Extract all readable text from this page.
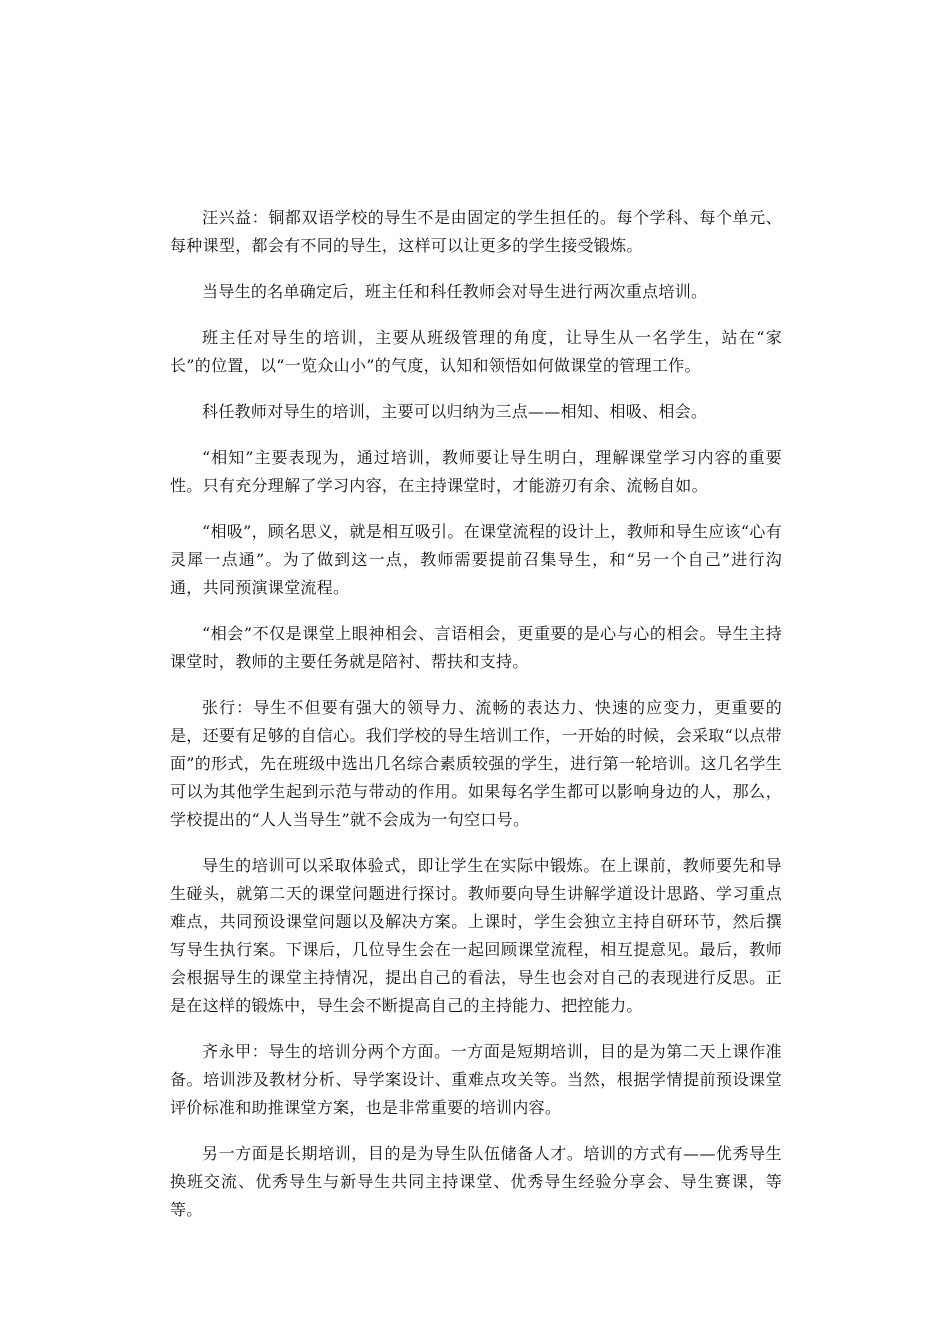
汪兴益：铜都双语学校的导生不是由固定的学生担任的。每个学科、每个单元、每种课型，都会有不同的导生，这样可以让更多的学生接受锻炼。

当导生的名单确定后，班主任和科任教师会对导生进行两次重点培训。

班主任对导生的培训，主要从班级管理的角度，让导生从一名学生，站在“家长”的位置，以“一览众山小”的气度，认知和领悟如何做课堂的管理工作。

科任教师对导生的培训，主要可以归纳为三点——相知、相吸、相会。

“相知”主要表现为，通过培训，教师要让导生明白，理解课堂学习内容的重要性。只有充分理解了学习内容，在主持课堂时，才能游刃有余、流畅自如。

“相吸”，顾名思义，就是相互吸引。在课堂流程的设计上，教师和导生应该“心有灵犀一点通”。为了做到这一点，教师需要提前召集导生，和“另一个自己”进行沟通，共同预演课堂流程。

“相会”不仅是课堂上眼神相会、言语相会，更重要的是心与心的相会。导生主持课堂时，教师的主要任务就是陪衬、帮扶和支持。

张行：导生不但要有强大的领导力、流畅的表达力、快速的应变力，更重要的是，还要有足够的自信心。我们学校的导生培训工作，一开始的时候，会采取“以点带面”的形式，先在班级中选出几名综合素质较强的学生，进行第一轮培训。这几名学生可以为其他学生起到示范与带动的作用。如果每名学生都可以影响身边的人，那么，学校提出的“人人当导生”就不会成为一句空口号。

导生的培训可以采取体验式，即让学生在实际中锻炼。在上课前，教师要先和导生碰头，就第二天的课堂问题进行探讨。教师要向导生讲解学道设计思路、学习重点难点，共同预设课堂问题以及解决方案。上课时，学生会独立主持自研环节，然后撰写导生执行案。下课后，几位导生会在一起回顾课堂流程，相互提意见。最后，教师会根据导生的课堂主持情况，提出自己的看法，导生也会对自己的表现进行反思。正是在这样的锻炼中，导生会不断提高自己的主持能力、把控能力。

齐永甲：导生的培训分两个方面。一方面是短期培训，目的是为第二天上课作准备。培训涉及教材分析、导学案设计、重难点攻关等。当然，根据学情提前预设课堂评价标准和助推课堂方案，也是非常重要的培训内容。

另一方面是长期培训，目的是为导生队伍储备人才。培训的方式有——优秀导生换班交流、优秀导生与新导生共同主持课堂、优秀导生经验分享会、导生赛课，等等。
